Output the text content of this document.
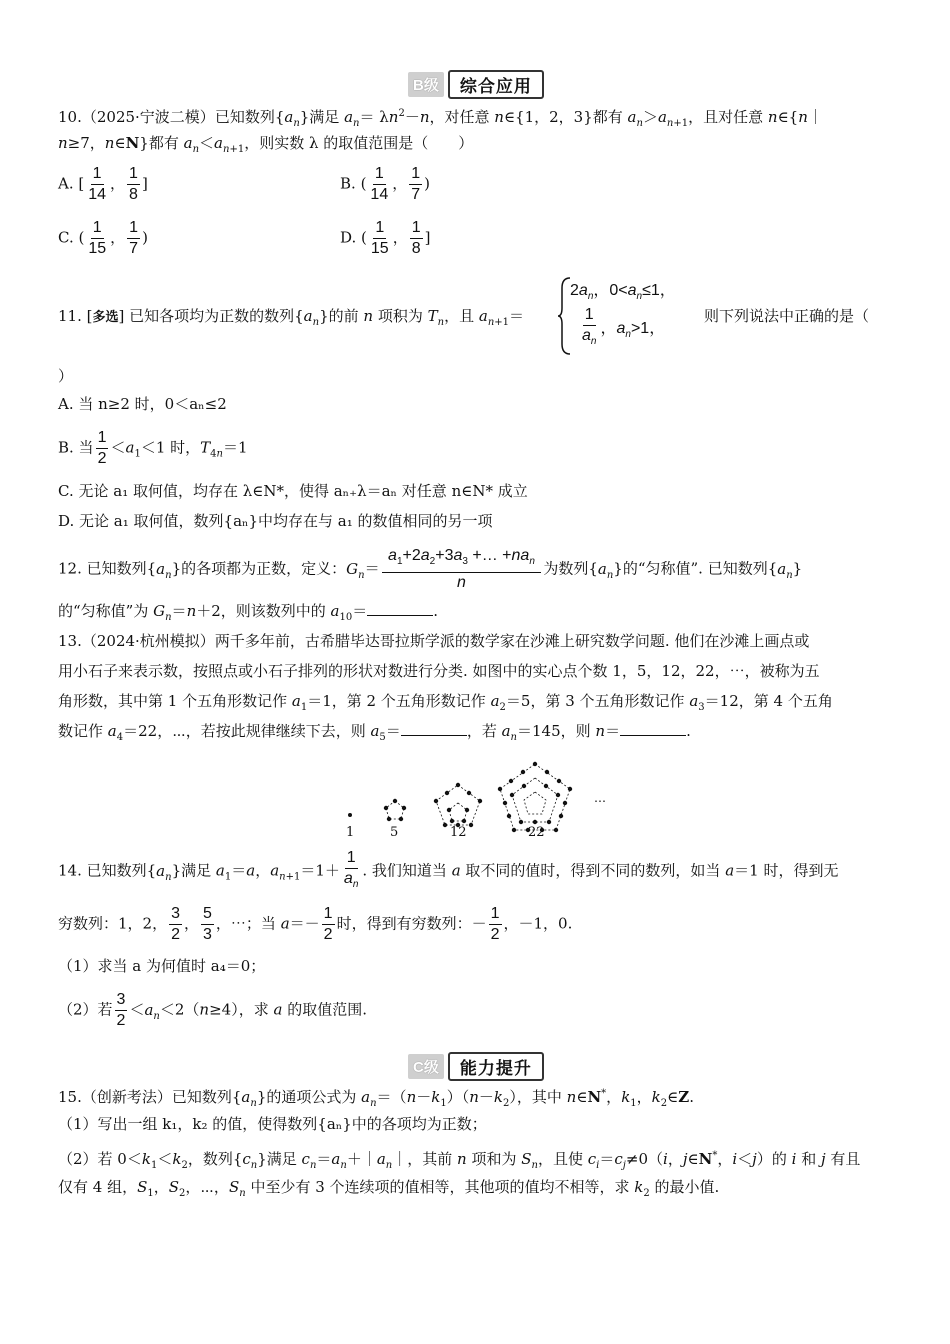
B级	综合应用
10.（2025·宁波二模）已知数列$\{a_n\}$满足 $a_n= \lambda n^2-n$，对任意 n∈{1，2，3}都有 $a_n>a_{n+1}$，且对任意 n∈{n｜
n≥7，n∈N}都有 $a_n<a_{n+1}$，则实数 λ 的取值范围是（　　）
A. [ $\frac{1}{14}$ ， $\frac{1}{8}$ ]	B. ( $\frac{1}{14}$ ， $\frac{1}{7}$ )
C. ( $\frac{1}{15}$ ， $\frac{1}{7}$ )	D. ( $\frac{1}{15}$ ， $\frac{1}{8}$ ]
11. [多选] 已知各项均为正数的数列$\{a_n\}$的前 n 项积为 $T_n$，且 $a_{n+1}=$
$2a_n$，$0<a_n\le 1$，
$\frac{1}{a_n}$ ，$a_n>1$，
则下列说法中正确的是（
）
A. 当 n≥2 时，0＜aₙ≤2
B. 当 $\frac{1}{2} <a_1<1$ 时，$T_{4n}=1$
C. 无论 a₁ 取何值，均存在 λ∈N*，使得 aₙ₊λ＝aₙ 对任意 n∈N* 成立
D. 无论 a₁ 取何值，数列{aₙ}中均存在与 a₁ 的数值相同的另一项
12. 已知数列$\{a_n\}$的各项都为正数，定义：$G_n= \frac{a_1+2a_2+3a_3 +\dots +na_n}{n}$ 为数列$\{a_n\}$的“匀称值”. 已知数列$\{a_n\}$
的“匀称值”为 $G_n=n+2$，则该数列中的 $a_{10}=$	.
13.（2024·杭州模拟）两千多年前，古希腊毕达哥拉斯学派的数学家在沙滩上研究数学问题. 他们在沙滩上画点或
用小石子来表示数，按照点或小石子排列的形状对数进行分类. 如图中的实心点个数 1，5，12，22，⋯，被称为五
角形数，其中第 1 个五角形数记作 $a_1=1$，第 2 个五角形数记作 $a_2=5$，第 3 个五角形数记作 $a_3=12$，第 4 个五角
数记作 $a_4=22$，⋯，若按此规律继续下去，则 $a_5=$	，若 $a_n=145$，则 n＝	.
1	5	12	22
⋯
14. 已知数列$\{a_n\}$满足 $a_1=a$，$a_{n+1}=1+ \frac{1}{a_n}$ . 我们知道当 a 取不同的值时，得到不同的数列，如当 a＝1 时，得到无
穷数列：1，2， $\frac{3}{2}$ ， $\frac{5}{3}$ ，⋯；当 $a=- \frac{1}{2}$ 时，得到有穷数列：－ $\frac{1}{2}$ ，－1，0.
（1）求当 a 为何值时 a₄＝0；
（2）若 $\frac{3}{2} <a_n<2(n\ge 4)$，求 a 的取值范围.
C级	能力提升
15.（创新考法）已知数列$\{a_n\}$的通项公式为 $a_n=(n-k_1)(n-k_2)$，其中 n∈N*，$k_1$，$k_2\in Z$.
（1）写出一组 k₁，k₂ 的值，使得数列{aₙ}中的各项均为正数；
（2）若 $0<k_1<k_2$，数列$\{c_n\}$满足 $c_n=a_n+|a_n|$，其前 n 项和为 $S_n$，且使 $c_i=c_j\ne 0(i$，j∈N*，i＜j）的 i 和 j 有且
仅有 4 组，$S_1$，$S_2$，⋯，$S_n$ 中至少有 3 个连续项的值相等，其他项的值均不相等，求 $k_2$ 的最小值.
